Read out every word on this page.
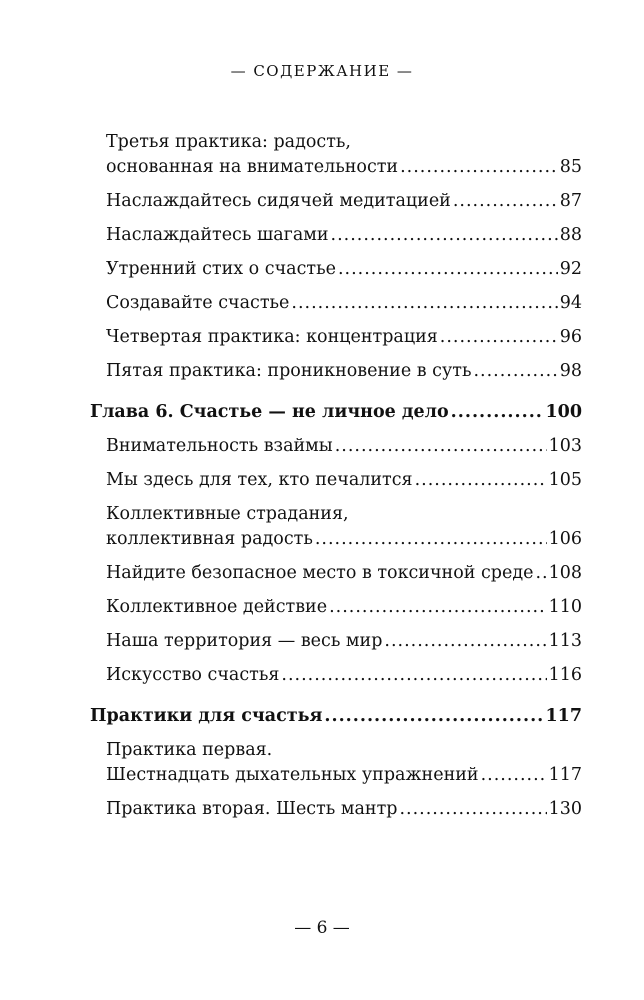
— СОДЕРЖАНИЕ —
Третья практика: радость,
основанная на внимательности .....	85
Наслаждайтесь сидячей медитацией .....	87
Наслаждайтесь шагами .....	88
Утренний стих о счастье .....	92
Создавайте счастье .....	94
Четвертая практика: концентрация .....	96
Пятая практика: проникновение в суть .....	98
Глава 6. Счастье — не личное дело .....	100
Внимательность взаймы .....	103
Мы здесь для тех, кто печалится .....	105
Коллективные страдания,
коллективная радость .....	106
Найдите безопасное место в токсичной среде ..... 108
Коллективное действие .....	110
Наша территория — весь мир .....	113
Искусство счастья .....	116
Практики для счастья .....	117
Практика первая.
Шестнадцать дыхательных упражнений .....	117
Практика вторая. Шесть мантр .....	130
— 6 —
